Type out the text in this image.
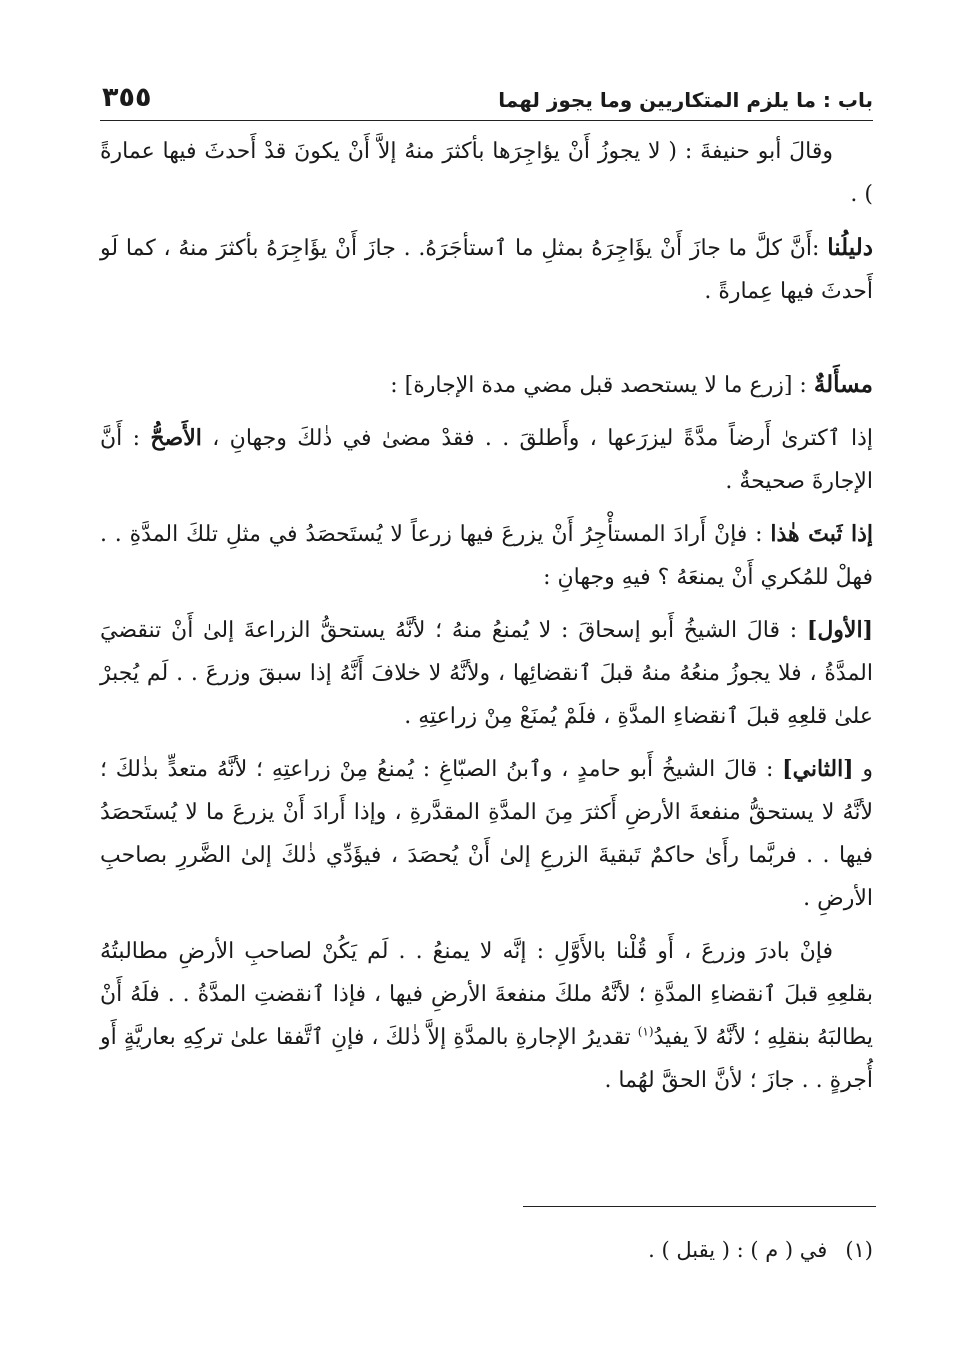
باب : ما يلزم المتكاريين وما يجوز لهما
٣٥٥

وقالَ أبو حنيفةَ : ( لا يجوزُ أَنْ يؤاجِرَها بأكثرَ منهُ إلاَّ أَنْ يكونَ قدْ أَحدثَ فيها عمارةً ) .

دليلُنا :أَنَّ كلَّ ما جازَ أَنْ يؤَاجِرَهُ بمثلِ ما ٱستأجَرَهُ. . جازَ أَنْ يؤَاجِرَهُ بأكثرَ منهُ ، كما لَو أَحدثَ فيها عِمارةً .

مسأَلةٌ : [زرع ما لا يستحصد قبل مضي مدة الإجارة] :

إذا ٱكترىٰ أَرضاً مدَّةً ليزرَعها ، وأَطلقَ . . فقدْ مضىٰ في ذٰلكَ وجهانِ ، الأَصحُّ : أَنَّ الإجارةَ صحيحةٌ .

إذا ثَبتَ هٰذا : فإنْ أَرادَ المستأْجِرُ أَنْ يزرعَ فيها زرعاً لا يُستَحصَدُ في مثلِ تلكَ المدَّةِ . . فهلْ للمُكري أَنْ يمنعَهُ ؟ فيهِ وجهانِ :

[الأول] : قالَ الشيخُ أَبو إسحاقَ : لا يُمنعُ منهُ ؛ لأنَّهُ يستحقُّ الزراعةَ إلىٰ أَنْ تنقضيَ المدَّةُ ، فلا يجوزُ منعُهُ منهُ قبلَ ٱنقضائِها ، ولأنَّهُ لا خلافَ أَنَّهُ إذا سبقَ وزرعَ . . لَم يُجبرْ علىٰ قلعِهِ قبلَ ٱنقضاءِ المدَّةِ ، فلَمْ يُمنَعْ مِنْ زراعتِهِ .

و [الثاني] : قالَ الشيخُ أَبو حامدٍ ، وٱبنُ الصبّاغِ : يُمنعُ مِنْ زراعتِهِ ؛ لأنَّهُ متعدٍّ بذٰلكَ ؛ لأنَّهُ لا يستحقُّ منفعةَ الأرضِ أَكثرَ مِنَ المدَّةِ المقدَّرةِ ، وإذا أَرادَ أَنْ يزرعَ ما لا يُستَحصَدُ فيها . . فربَّما رأَىٰ حاكمٌ تَبقيةَ الزرعِ إلىٰ أَنْ يُحصَدَ ، فيؤَدِّي ذٰلكَ إلىٰ الضَّررِ بصاحبِ الأرضِ .

فإنْ بادرَ وزرعَ ، أَو قُلْنا بالأَوَّلِ : إنَّه لا يمنعُ . . لَم يَكُنْ لصاحبِ الأرضِ مطالبتُهُ بقلعِهِ قبلَ ٱنقضاءِ المدَّةِ ؛ لأنَّهُ ملكَ منفعةَ الأرضِ فيها ، فإذا ٱنقضتِ المدَّةُ . . فلَهُ أَنْ يطالبَهُ بنقلِهِ ؛ لأنَّهُ لاَ يفيدُ$^{(١)}$ تقديرُ الإجارةِ بالمدَّةِ إلاَّ ذٰلكَ ، فإنِ ٱتَّفقا علىٰ تركِهِ بعاريَّةٍ أَو أُجرةٍ . . جازَ ؛ لأنَّ الحقَّ لهُما .

(١)في ( م ) : ( يقبل ) .
